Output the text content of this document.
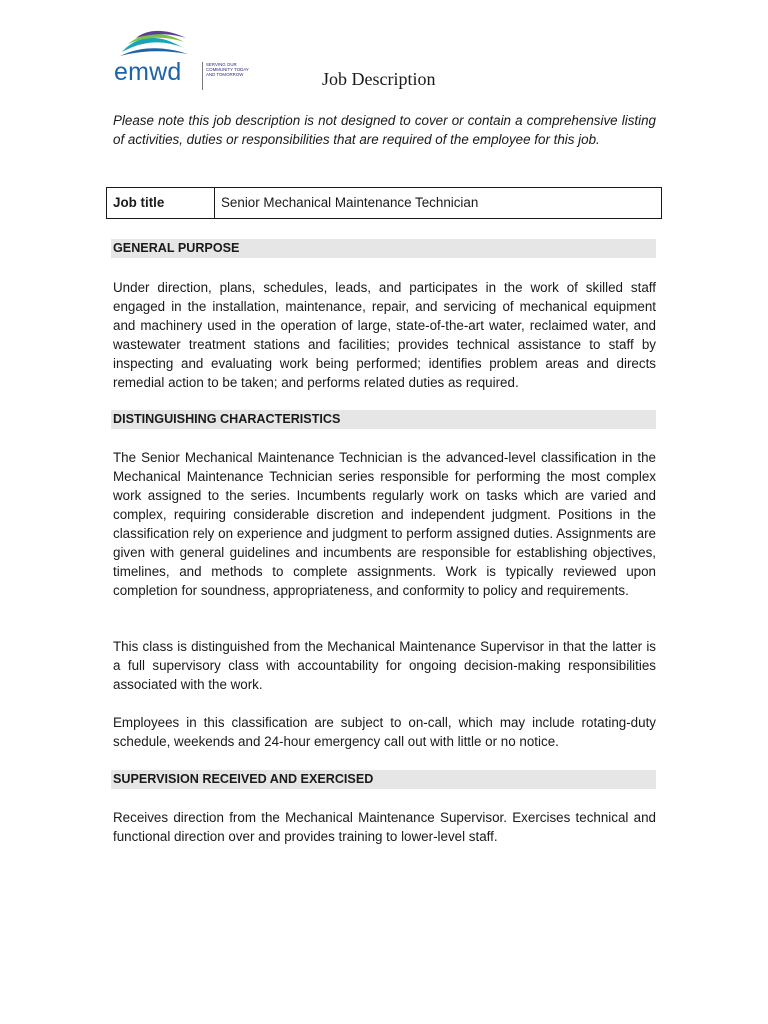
emwd	SERVING OUR COMMUNITY TODAY AND TOMORROW	Job Description
Please note this job description is not designed to cover or contain a comprehensive listing of activities, duties or responsibilities that are required of the employee for this job.
Job title	Senior Mechanical Maintenance Technician
GENERAL PURPOSE
Under direction, plans, schedules, leads, and participates in the work of skilled staff engaged in the installation, maintenance, repair, and servicing of mechanical equipment and machinery used in the operation of large, state-of-the-art water, reclaimed water, and wastewater treatment stations and facilities; provides technical assistance to staff by inspecting and evaluating work being performed; identifies problem areas and directs remedial action to be taken; and performs related duties as required.
DISTINGUISHING CHARACTERISTICS
The Senior Mechanical Maintenance Technician is the advanced-level classification in the Mechanical Maintenance Technician series responsible for performing the most complex work assigned to the series. Incumbents regularly work on tasks which are varied and complex, requiring considerable discretion and independent judgment. Positions in the classification rely on experience and judgment to perform assigned duties. Assignments are given with general guidelines and incumbents are responsible for establishing objectives, timelines, and methods to complete assignments. Work is typically reviewed upon completion for soundness, appropriateness, and conformity to policy and requirements.
This class is distinguished from the Mechanical Maintenance Supervisor in that the latter is a full supervisory class with accountability for ongoing decision-making responsibilities associated with the work.
Employees in this classification are subject to on-call, which may include rotating-duty schedule, weekends and 24-hour emergency call out with little or no notice.
SUPERVISION RECEIVED AND EXERCISED
Receives direction from the Mechanical Maintenance Supervisor. Exercises technical and functional direction over and provides training to lower-level staff.
